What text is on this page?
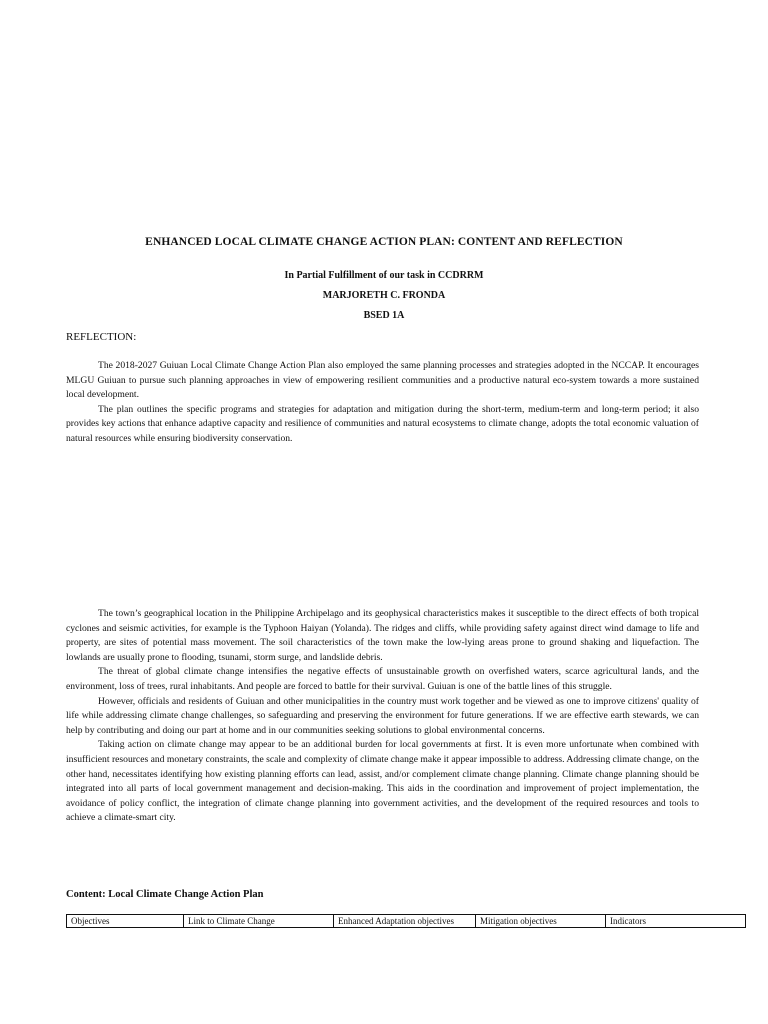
ENHANCED LOCAL CLIMATE CHANGE ACTION PLAN: CONTENT AND REFLECTION
In Partial Fulfillment of our task in CCDRRM
MARJORETH C. FRONDA
BSED 1A
REFLECTION:

The 2018-2027 Guiuan Local Climate Change Action Plan also employed the same planning processes and strategies adopted in the NCCAP. It encourages MLGU Guiuan to pursue such planning approaches in view of empowering resilient communities and a productive natural eco-system towards a more sustained local development.

The plan outlines the specific programs and strategies for adaptation and mitigation during the short-term, medium-term and long-term period; it also provides key actions that enhance adaptive capacity and resilience of communities and natural ecosystems to climate change, adopts the total economic valuation of natural resources while ensuring biodiversity conservation.

The town’s geographical location in the Philippine Archipelago and its geophysical characteristics makes it susceptible to the direct effects of both tropical cyclones and seismic activities, for example is the Typhoon Haiyan (Yolanda). The ridges and cliffs, while providing safety against direct wind damage to life and property, are sites of potential mass movement. The soil characteristics of the town make the low-lying areas prone to ground shaking and liquefaction. The lowlands are usually prone to flooding, tsunami, storm surge, and landslide debris.

The threat of global climate change intensifies the negative effects of unsustainable growth on overfished waters, scarce agricultural lands, and the environment, loss of trees, rural inhabitants. And people are forced to battle for their survival. Guiuan is one of the battle lines of this struggle.

However, officials and residents of Guiuan and other municipalities in the country must work together and be viewed as one to improve citizens' quality of life while addressing climate change challenges, so safeguarding and preserving the environment for future generations. If we are effective earth stewards, we can help by contributing and doing our part at home and in our communities seeking solutions to global environmental concerns.

Taking action on climate change may appear to be an additional burden for local governments at first. It is even more unfortunate when combined with insufficient resources and monetary constraints, the scale and complexity of climate change make it appear impossible to address. Addressing climate change, on the other hand, necessitates identifying how existing planning efforts can lead, assist, and/or complement climate change planning. Climate change planning should be integrated into all parts of local government management and decision-making. This aids in the coordination and improvement of project implementation, the avoidance of policy conflict, the integration of climate change planning into government activities, and the development of the required resources and tools to achieve a climate-smart city.

Content: Local Climate Change Action Plan
Objectives	Link to Climate Change	Enhanced Adaptation objectives	Mitigation objectives	Indicators
